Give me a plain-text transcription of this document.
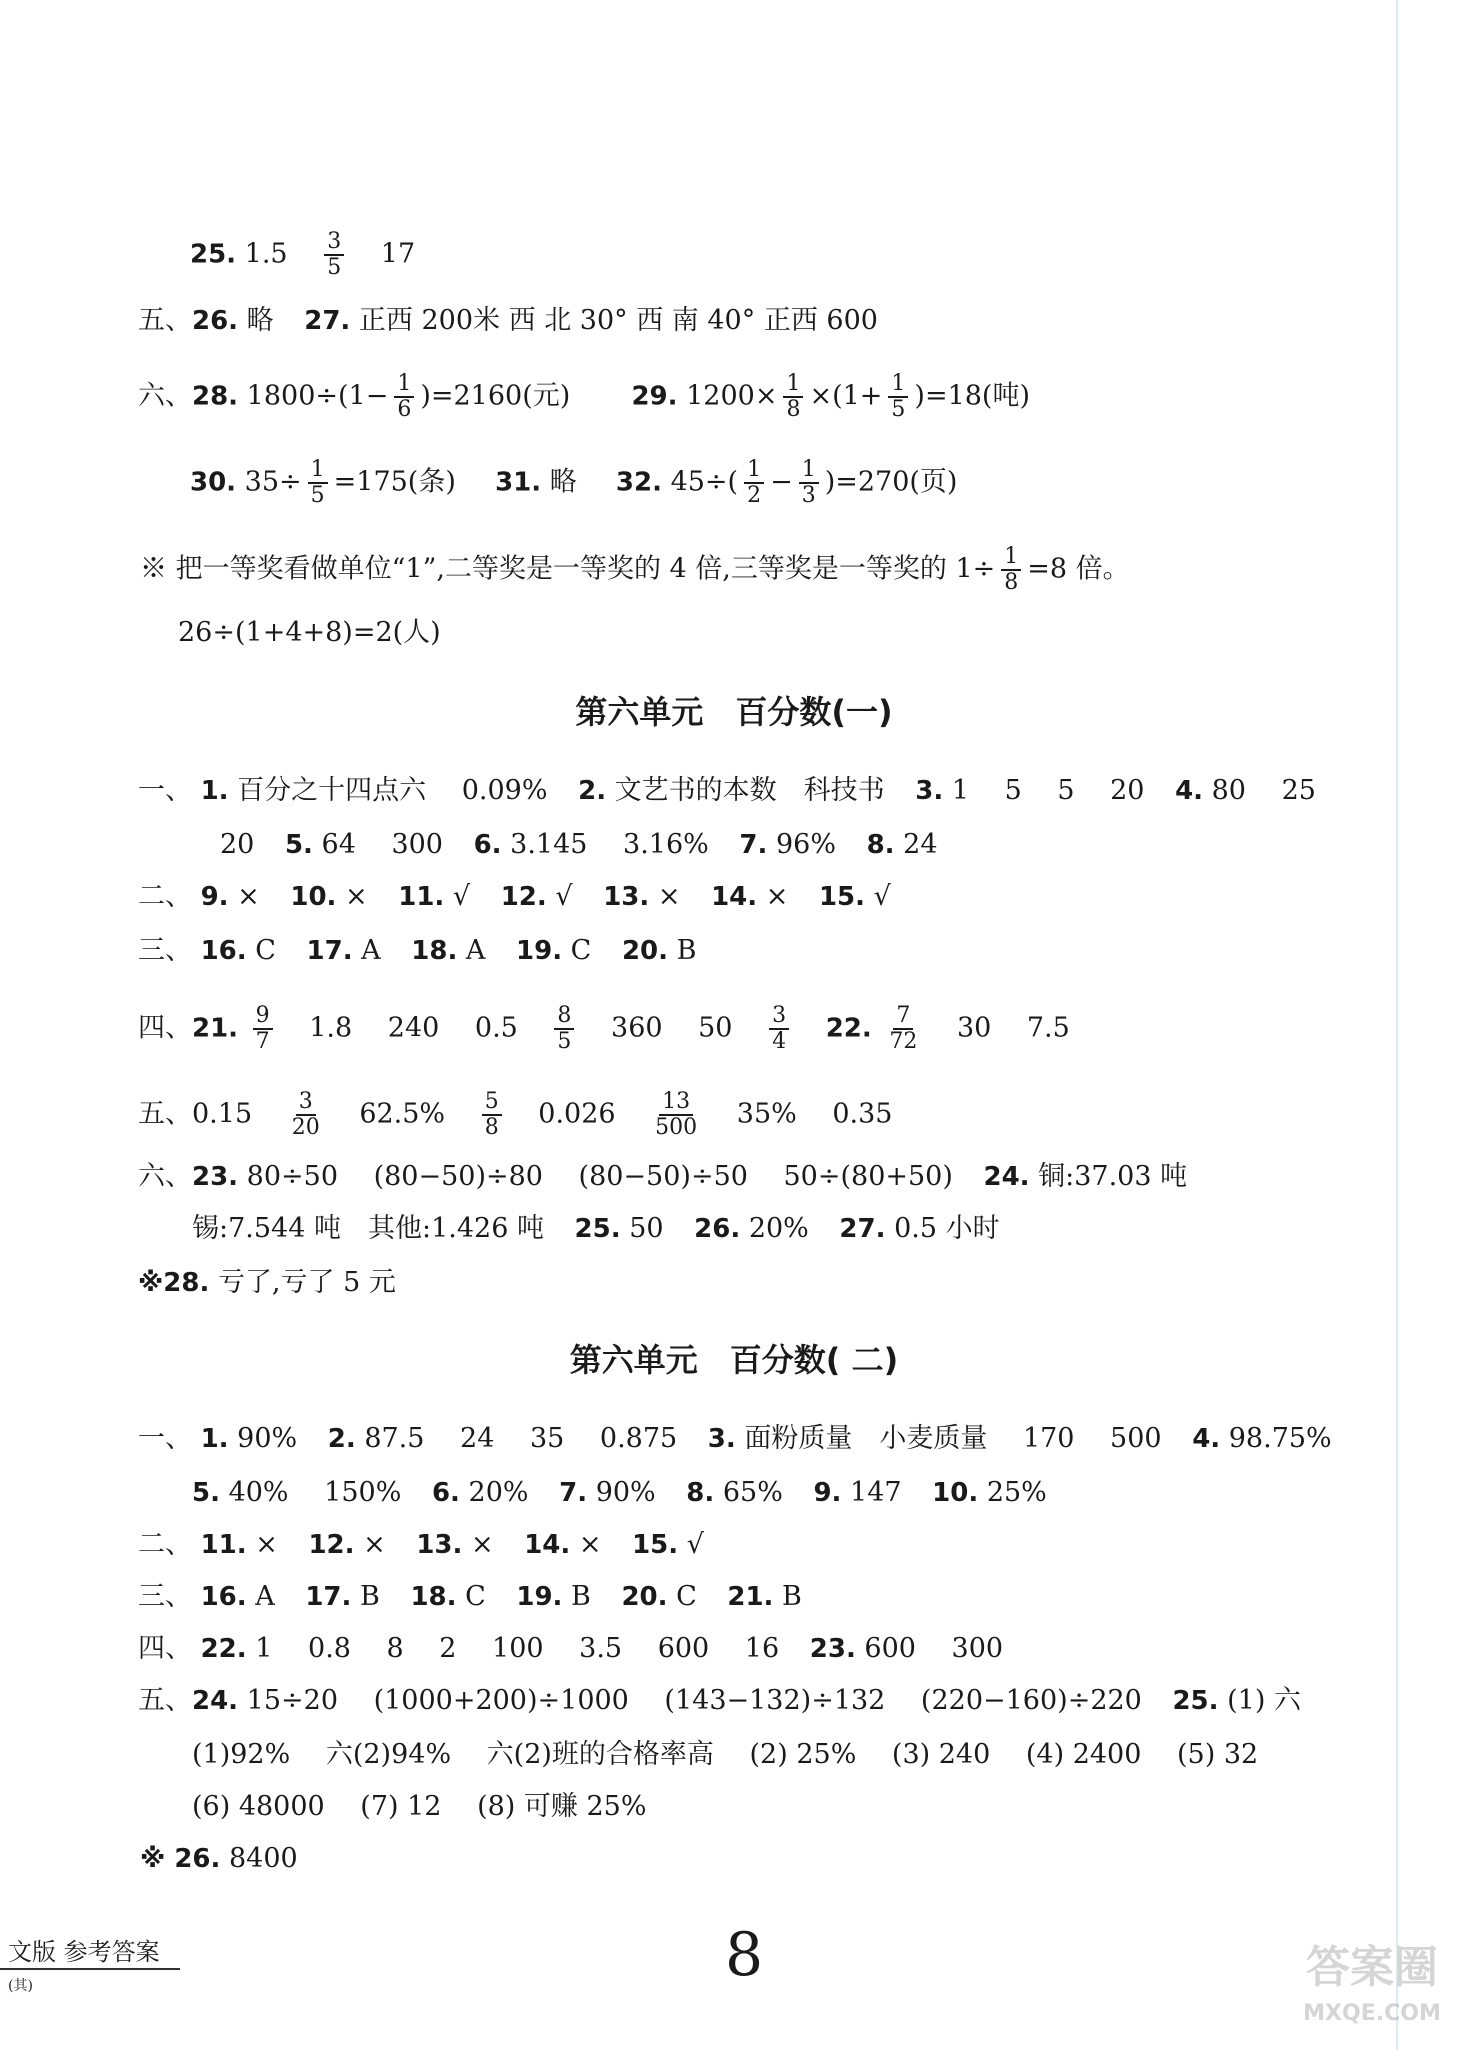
25. $1.5 \frac{3}{5} 17$
五、26. 略 27. 正西 200米 西 北 30° 西 南 40° 正西 600
六、28. $1800\div(1- \frac{1}{6} )=2160$(元) 29. $1200\times \frac{1}{8} \times(1+ \frac{1}{5} )=18$(吨)
30. $35\div \frac{1}{5} =175$(条) 31. 略 32. $45\div( \frac{1}{2} - \frac{1}{3} )=270$(页)
※ 把一等奖看做单位“1”,二等奖是一等奖的 4 倍,三等奖是一等奖的 $1\div \frac{1}{8} =8$ 倍。
26÷(1+4+8)=2(人)
第六单元　百分数(一)
一、 1. 百分之十四点六　 0.09% 2. 文艺书的本数　科技书 3. 1　 5　 5　 20 4. 80　 25
20 5. 64　 300 6. 3.145　 3.16% 7. 96% 8. 24
二、 9. × 10. × 11. √ 12. √ 13. × 14. × 15. √
三、 16. C 17. A 18. A 19. C 20. B
四、21. $\frac{9}{7} 1.8$　 240　 $0.5 \frac{8}{5} 360$　 $50 \frac{3}{4} 22$. $\frac{7}{72} 30$　 7.5
五、$0.15 \frac{3}{20} 62.5\% \frac{5}{8} 0.026 \frac{13}{500} 35\%$　 0.35
六、23. 80÷50　 (80−50)÷80　 (80−50)÷50　 50÷(80+50) 24. 铜:37.03 吨
锡:7.544 吨　其他:1.426 吨 25. 50 26. 20% 27. 0.5 小时
※28. 亏了,亏了 5 元
第六单元　百分数( 二)
一、 1. 90% 2. 87.5　 24　 35　 0.875 3. 面粉质量　小麦质量　 170　 500 4. 98.75%
5. 40%　 150% 6. 20% 7. 90% 8. 65% 9. 147 10. 25%
二、 11. × 12. × 13. × 14. × 15. √
三、 16. A 17. B 18. C 19. B 20. C 21. B
四、 22. 1　 0.8　 8　 2　 100　 3.5　 600　 16 23. 600　 300
五、24. 15÷20　 (1000+200)÷1000　 (143−132)÷132　 (220−160)÷220 25. (1) 六
(1)92%　 六(2)94%　 六(2)班的合格率高　 (2) 25%　 (3) 240　 (4) 2400　 (5) 32
(6) 48000　 (7) 12　 (8) 可赚 25%
※ 26. 8400
文版 参考答案
(其)	8	答案圈
MXQE.COM
